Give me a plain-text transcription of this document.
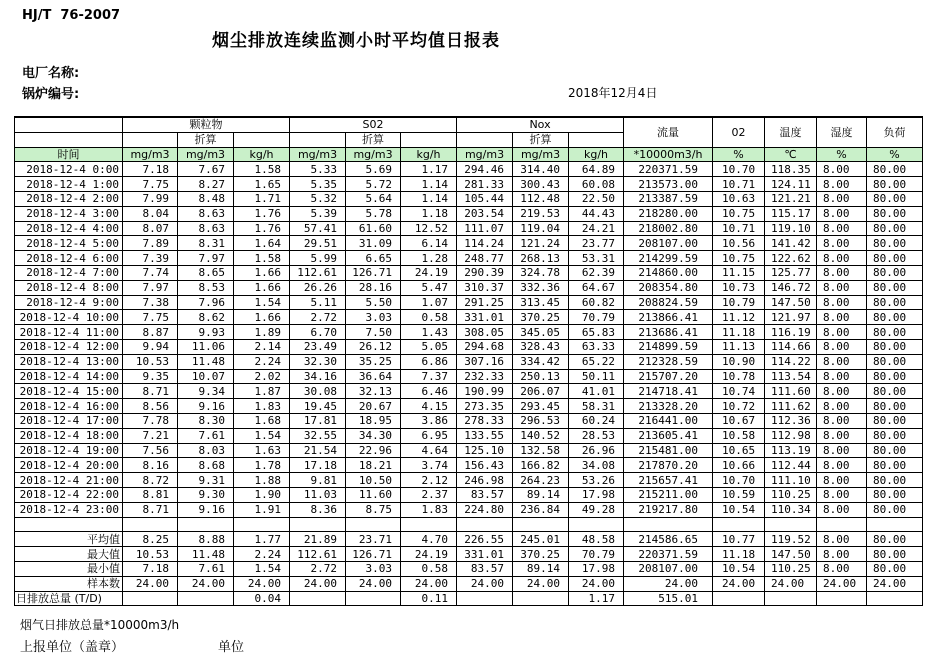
HJ/T  76-2007
烟尘排放连续监测小时平均值日报表
电厂名称:
锅炉编号:	2018年12月4日
	颗粒物			S02			Nox			流量	02	温度	湿度	负荷
		折算			折算			折算						
时间	mg/m3	mg/m3	kg/h	mg/m3	mg/m3	kg/h	mg/m3	mg/m3	kg/h	*10000m3/h	%	℃	%	%
2018-12-4 0:00	7.18	7.67	1.58	5.33	5.69	1.17	294.46	314.40	64.89	220371.59	10.70	118.35	8.00	80.00
2018-12-4 1:00	7.75	8.27	1.65	5.35	5.72	1.14	281.33	300.43	60.08	213573.00	10.71	124.11	8.00	80.00
2018-12-4 2:00	7.99	8.48	1.71	5.32	5.64	1.14	105.44	112.48	22.50	213387.59	10.63	121.21	8.00	80.00
2018-12-4 3:00	8.04	8.63	1.76	5.39	5.78	1.18	203.54	219.53	44.43	218280.00	10.75	115.17	8.00	80.00
2018-12-4 4:00	8.07	8.63	1.76	57.41	61.60	12.52	111.07	119.04	24.21	218002.80	10.71	119.10	8.00	80.00
2018-12-4 5:00	7.89	8.31	1.64	29.51	31.09	6.14	114.24	121.24	23.77	208107.00	10.56	141.42	8.00	80.00
2018-12-4 6:00	7.39	7.97	1.58	5.99	6.65	1.28	248.77	268.13	53.31	214299.59	10.75	122.62	8.00	80.00
2018-12-4 7:00	7.74	8.65	1.66	112.61	126.71	24.19	290.39	324.78	62.39	214860.00	11.15	125.77	8.00	80.00
2018-12-4 8:00	7.97	8.53	1.66	26.26	28.16	5.47	310.37	332.36	64.67	208354.80	10.73	146.72	8.00	80.00
2018-12-4 9:00	7.38	7.96	1.54	5.11	5.50	1.07	291.25	313.45	60.82	208824.59	10.79	147.50	8.00	80.00
2018-12-4 10:00	7.75	8.62	1.66	2.72	3.03	0.58	331.01	370.25	70.79	213866.41	11.12	121.97	8.00	80.00
2018-12-4 11:00	8.87	9.93	1.89	6.70	7.50	1.43	308.05	345.05	65.83	213686.41	11.18	116.19	8.00	80.00
2018-12-4 12:00	9.94	11.06	2.14	23.49	26.12	5.05	294.68	328.43	63.33	214899.59	11.13	114.66	8.00	80.00
2018-12-4 13:00	10.53	11.48	2.24	32.30	35.25	6.86	307.16	334.42	65.22	212328.59	10.90	114.22	8.00	80.00
2018-12-4 14:00	9.35	10.07	2.02	34.16	36.64	7.37	232.33	250.13	50.11	215707.20	10.78	113.54	8.00	80.00
2018-12-4 15:00	8.71	9.34	1.87	30.08	32.13	6.46	190.99	206.07	41.01	214718.41	10.74	111.60	8.00	80.00
2018-12-4 16:00	8.56	9.16	1.83	19.45	20.67	4.15	273.35	293.45	58.31	213328.20	10.72	111.62	8.00	80.00
2018-12-4 17:00	7.78	8.30	1.68	17.81	18.95	3.86	278.33	296.53	60.24	216441.00	10.67	112.36	8.00	80.00
2018-12-4 18:00	7.21	7.61	1.54	32.55	34.30	6.95	133.55	140.52	28.53	213605.41	10.58	112.98	8.00	80.00
2018-12-4 19:00	7.56	8.03	1.63	21.54	22.96	4.64	125.10	132.58	26.96	215481.00	10.65	113.19	8.00	80.00
2018-12-4 20:00	8.16	8.68	1.78	17.18	18.21	3.74	156.43	166.82	34.08	217870.20	10.66	112.44	8.00	80.00
2018-12-4 21:00	8.72	9.31	1.88	9.81	10.50	2.12	246.98	264.23	53.26	215657.41	10.70	111.10	8.00	80.00
2018-12-4 22:00	8.81	9.30	1.90	11.03	11.60	2.37	83.57	89.14	17.98	215211.00	10.59	110.25	8.00	80.00
2018-12-4 23:00	8.71	9.16	1.91	8.36	8.75	1.83	224.80	236.84	49.28	219217.80	10.54	110.34	8.00	80.00

平均值	8.25	8.88	1.77	21.89	23.71	4.70	226.55	245.01	48.58	214586.65	10.77	119.52	8.00	80.00
最大值	10.53	11.48	2.24	112.61	126.71	24.19	331.01	370.25	70.79	220371.59	11.18	147.50	8.00	80.00
最小值	7.18	7.61	1.54	2.72	3.03	0.58	83.57	89.14	17.98	208107.00	10.54	110.25	8.00	80.00
样本数	24.00	24.00	24.00	24.00	24.00	24.00	24.00	24.00	24.00	24.00	24.00	24.00	24.00	24.00
日排放总量 (T/D)			0.04			0.11			1.17	515.01				
烟气日排放总量*10000m3/h
上报单位（盖章）	单位
